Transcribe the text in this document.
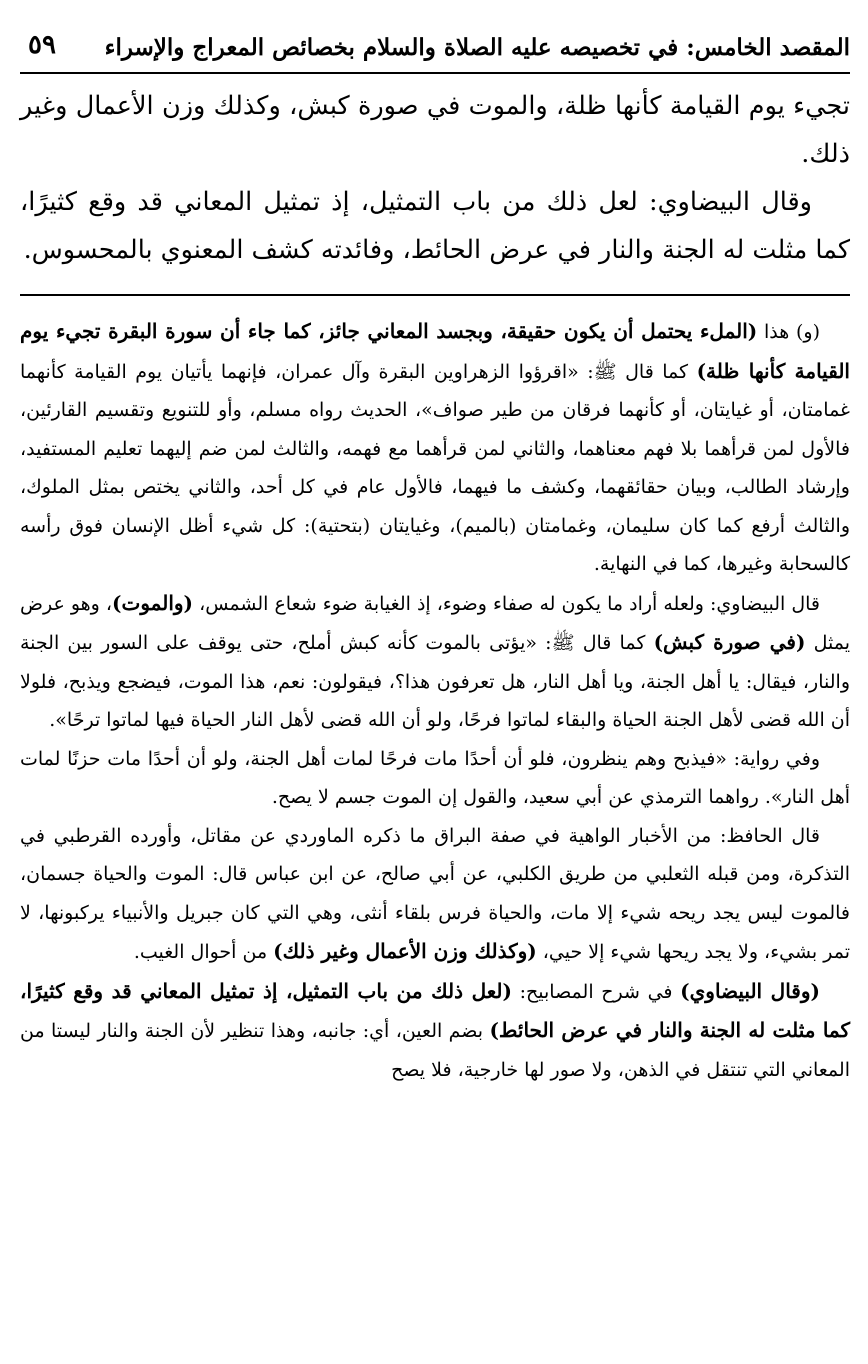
المقصد الخامس: في تخصيصه عليه الصلاة والسلام بخصائص المعراج والإسراء
٥٩

تجيء يوم القيامة كأنها ظلة، والموت في صورة كبش، وكذلك وزن الأعمال وغير ذلك.

وقال البيضاوي: لعل ذلك من باب التمثيل، إذ تمثيل المعاني قد وقع كثيرًا، كما مثلت له الجنة والنار في عرض الحائط، وفائدته كشف المعنوي بالمحسوس.

(و) هذا (الملء يحتمل أن يكون حقيقة، وبجسد المعاني جائز، كما جاء أن سورة البقرة تجيء يوم القيامة كأنها ظلة) كما قال ﷺ: «اقرؤوا الزهراوين البقرة وآل عمران، فإنهما يأتيان يوم القيامة كأنهما غمامتان، أو غيايتان، أو كأنهما فرقان من طير صواف»، الحديث رواه مسلم، وأو للتنويع وتقسيم القارئين، فالأول لمن قرأهما بلا فهم معناهما، والثاني لمن قرأهما مع فهمه، والثالث لمن ضم إليهما تعليم المستفيد، وإرشاد الطالب، وبيان حقائقهما، وكشف ما فيهما، فالأول عام في كل أحد، والثاني يختص بمثل الملوك، والثالث أرفع كما كان سليمان، وغمامتان (بالميم)، وغيايتان (بتحتية): كل شيء أظل الإنسان فوق رأسه كالسحابة وغيرها، كما في النهاية.

قال البيضاوي: ولعله أراد ما يكون له صفاء وضوء، إذ الغيابة ضوء شعاع الشمس، (والموت)، وهو عرض يمثل (في صورة كبش) كما قال ﷺ: «يؤتى بالموت كأنه كبش أملح، حتى يوقف على السور بين الجنة والنار، فيقال: يا أهل الجنة، ويا أهل النار، هل تعرفون هذا؟، فيقولون: نعم، هذا الموت، فيضجع ويذبح، فلولا أن الله قضى لأهل الجنة الحياة والبقاء لماتوا فرحًا، ولو أن الله قضى لأهل النار الحياة فيها لماتوا ترحًا».

وفي رواية: «فيذبح وهم ينظرون، فلو أن أحدًا مات فرحًا لمات أهل الجنة، ولو أن أحدًا مات حزنًا لمات أهل النار». رواهما الترمذي عن أبي سعيد، والقول إن الموت جسم لا يصح.

قال الحافظ: من الأخبار الواهية في صفة البراق ما ذكره الماوردي عن مقاتل، وأورده القرطبي في التذكرة، ومن قبله الثعلبي من طريق الكلبي، عن أبي صالح، عن ابن عباس قال: الموت والحياة جسمان، فالموت ليس يجد ريحه شيء إلا مات، والحياة فرس بلقاء أنثى، وهي التي كان جبريل والأنبياء يركبونها، لا تمر بشيء، ولا يجد ريحها شيء إلا حيي، (وكذلك وزن الأعمال وغير ذلك) من أحوال الغيب.

(وقال البيضاوي) في شرح المصابيح: (لعل ذلك من باب التمثيل، إذ تمثيل المعاني قد وقع كثيرًا، كما مثلت له الجنة والنار في عرض الحائط) بضم العين، أي: جانبه، وهذا تنظير لأن الجنة والنار ليستا من المعاني التي تنتقل في الذهن، ولا صور لها خارجية، فلا يصح
